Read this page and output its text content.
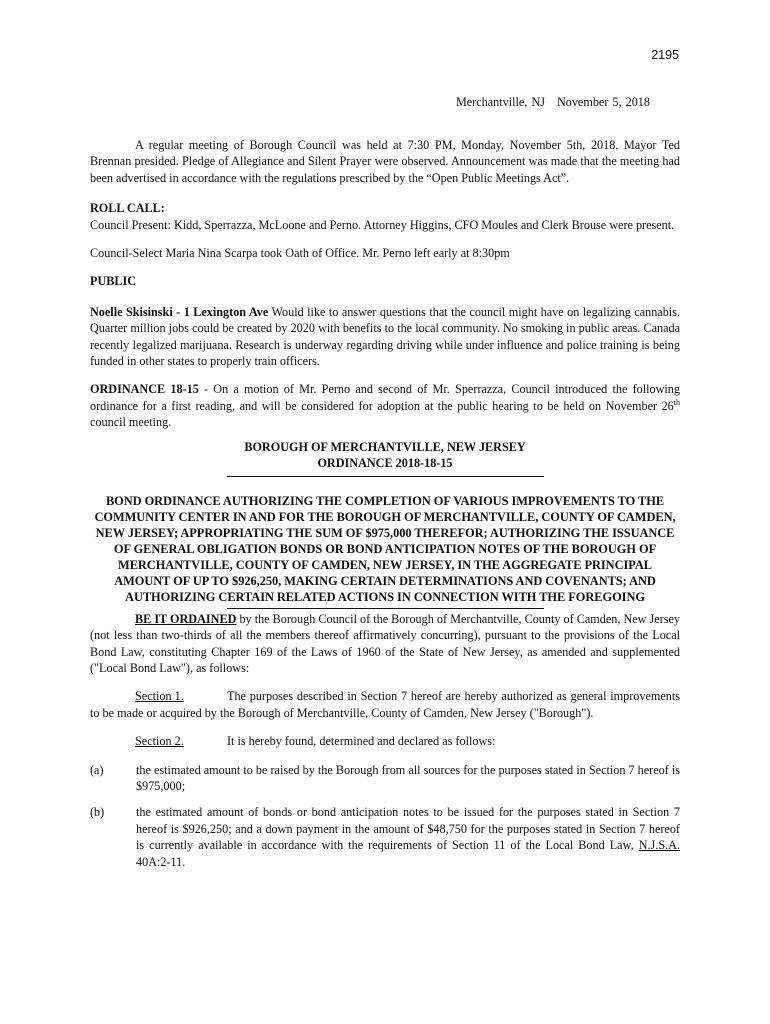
2195
Merchantville, NJ November 5, 2018

A regular meeting of Borough Council was held at 7:30 PM, Monday, November 5th, 2018. Mayor Ted Brennan presided. Pledge of Allegiance and Silent Prayer were observed. Announcement was made that the meeting had been advertised in accordance with the regulations prescribed by the “Open Public Meetings Act”.

ROLL CALL:

Council Present: Kidd, Sperrazza, McLoone and Perno. Attorney Higgins, CFO Moules and Clerk Brouse were present.

Council-Select Maria Nina Scarpa took Oath of Office. Mr. Perno left early at 8:30pm

PUBLIC

Noelle Skisinski - 1 Lexington Ave Would like to answer questions that the council might have on legalizing cannabis. Quarter million jobs could be created by 2020 with benefits to the local community. No smoking in public areas. Canada recently legalized marijuana. Research is underway regarding driving while under influence and police training is being funded in other states to properly train officers.

ORDINANCE 18-15 - On a motion of Mr. Perno and second of Mr. Sperrazza, Council introduced the following ordinance for a first reading, and will be considered for adoption at the public hearing to be held on November 26th council meeting.

BOROUGH OF MERCHANTVILLE, NEW JERSEY

ORDINANCE 2018-18-15

BOND ORDINANCE AUTHORIZING THE COMPLETION OF VARIOUS IMPROVEMENTS TO THE COMMUNITY CENTER IN AND FOR THE BOROUGH OF MERCHANTVILLE, COUNTY OF CAMDEN, NEW JERSEY; APPROPRIATING THE SUM OF $975,000 THEREFOR; AUTHORIZING THE ISSUANCE OF GENERAL OBLIGATION BONDS OR BOND ANTICIPATION NOTES OF THE BOROUGH OF MERCHANTVILLE, COUNTY OF CAMDEN, NEW JERSEY, IN THE AGGREGATE PRINCIPAL AMOUNT OF UP TO $926,250, MAKING CERTAIN DETERMINATIONS AND COVENANTS; AND AUTHORIZING CERTAIN RELATED ACTIONS IN CONNECTION WITH THE FOREGOING

BE IT ORDAINED by the Borough Council of the Borough of Merchantville, County of Camden, New Jersey (not less than two-thirds of all the members thereof affirmatively concurring), pursuant to the provisions of the Local Bond Law, constituting Chapter 169 of the Laws of 1960 of the State of New Jersey, as amended and supplemented ("Local Bond Law"), as follows:

Section 1.	The purposes described in Section 7 hereof are hereby authorized as general improvements to be made or acquired by the Borough of Merchantville, County of Camden, New Jersey ("Borough").

Section 2.	It is hereby found, determined and declared as follows:

(a)	the estimated amount to be raised by the Borough from all sources for the purposes stated in Section 7 hereof is $975,000;
(b)	the estimated amount of bonds or bond anticipation notes to be issued for the purposes stated in Section 7 hereof is $926,250; and a down payment in the amount of $48,750 for the purposes stated in Section 7 hereof is currently available in accordance with the requirements of Section 11 of the Local Bond Law, N.J.S.A. 40A:2-11.
